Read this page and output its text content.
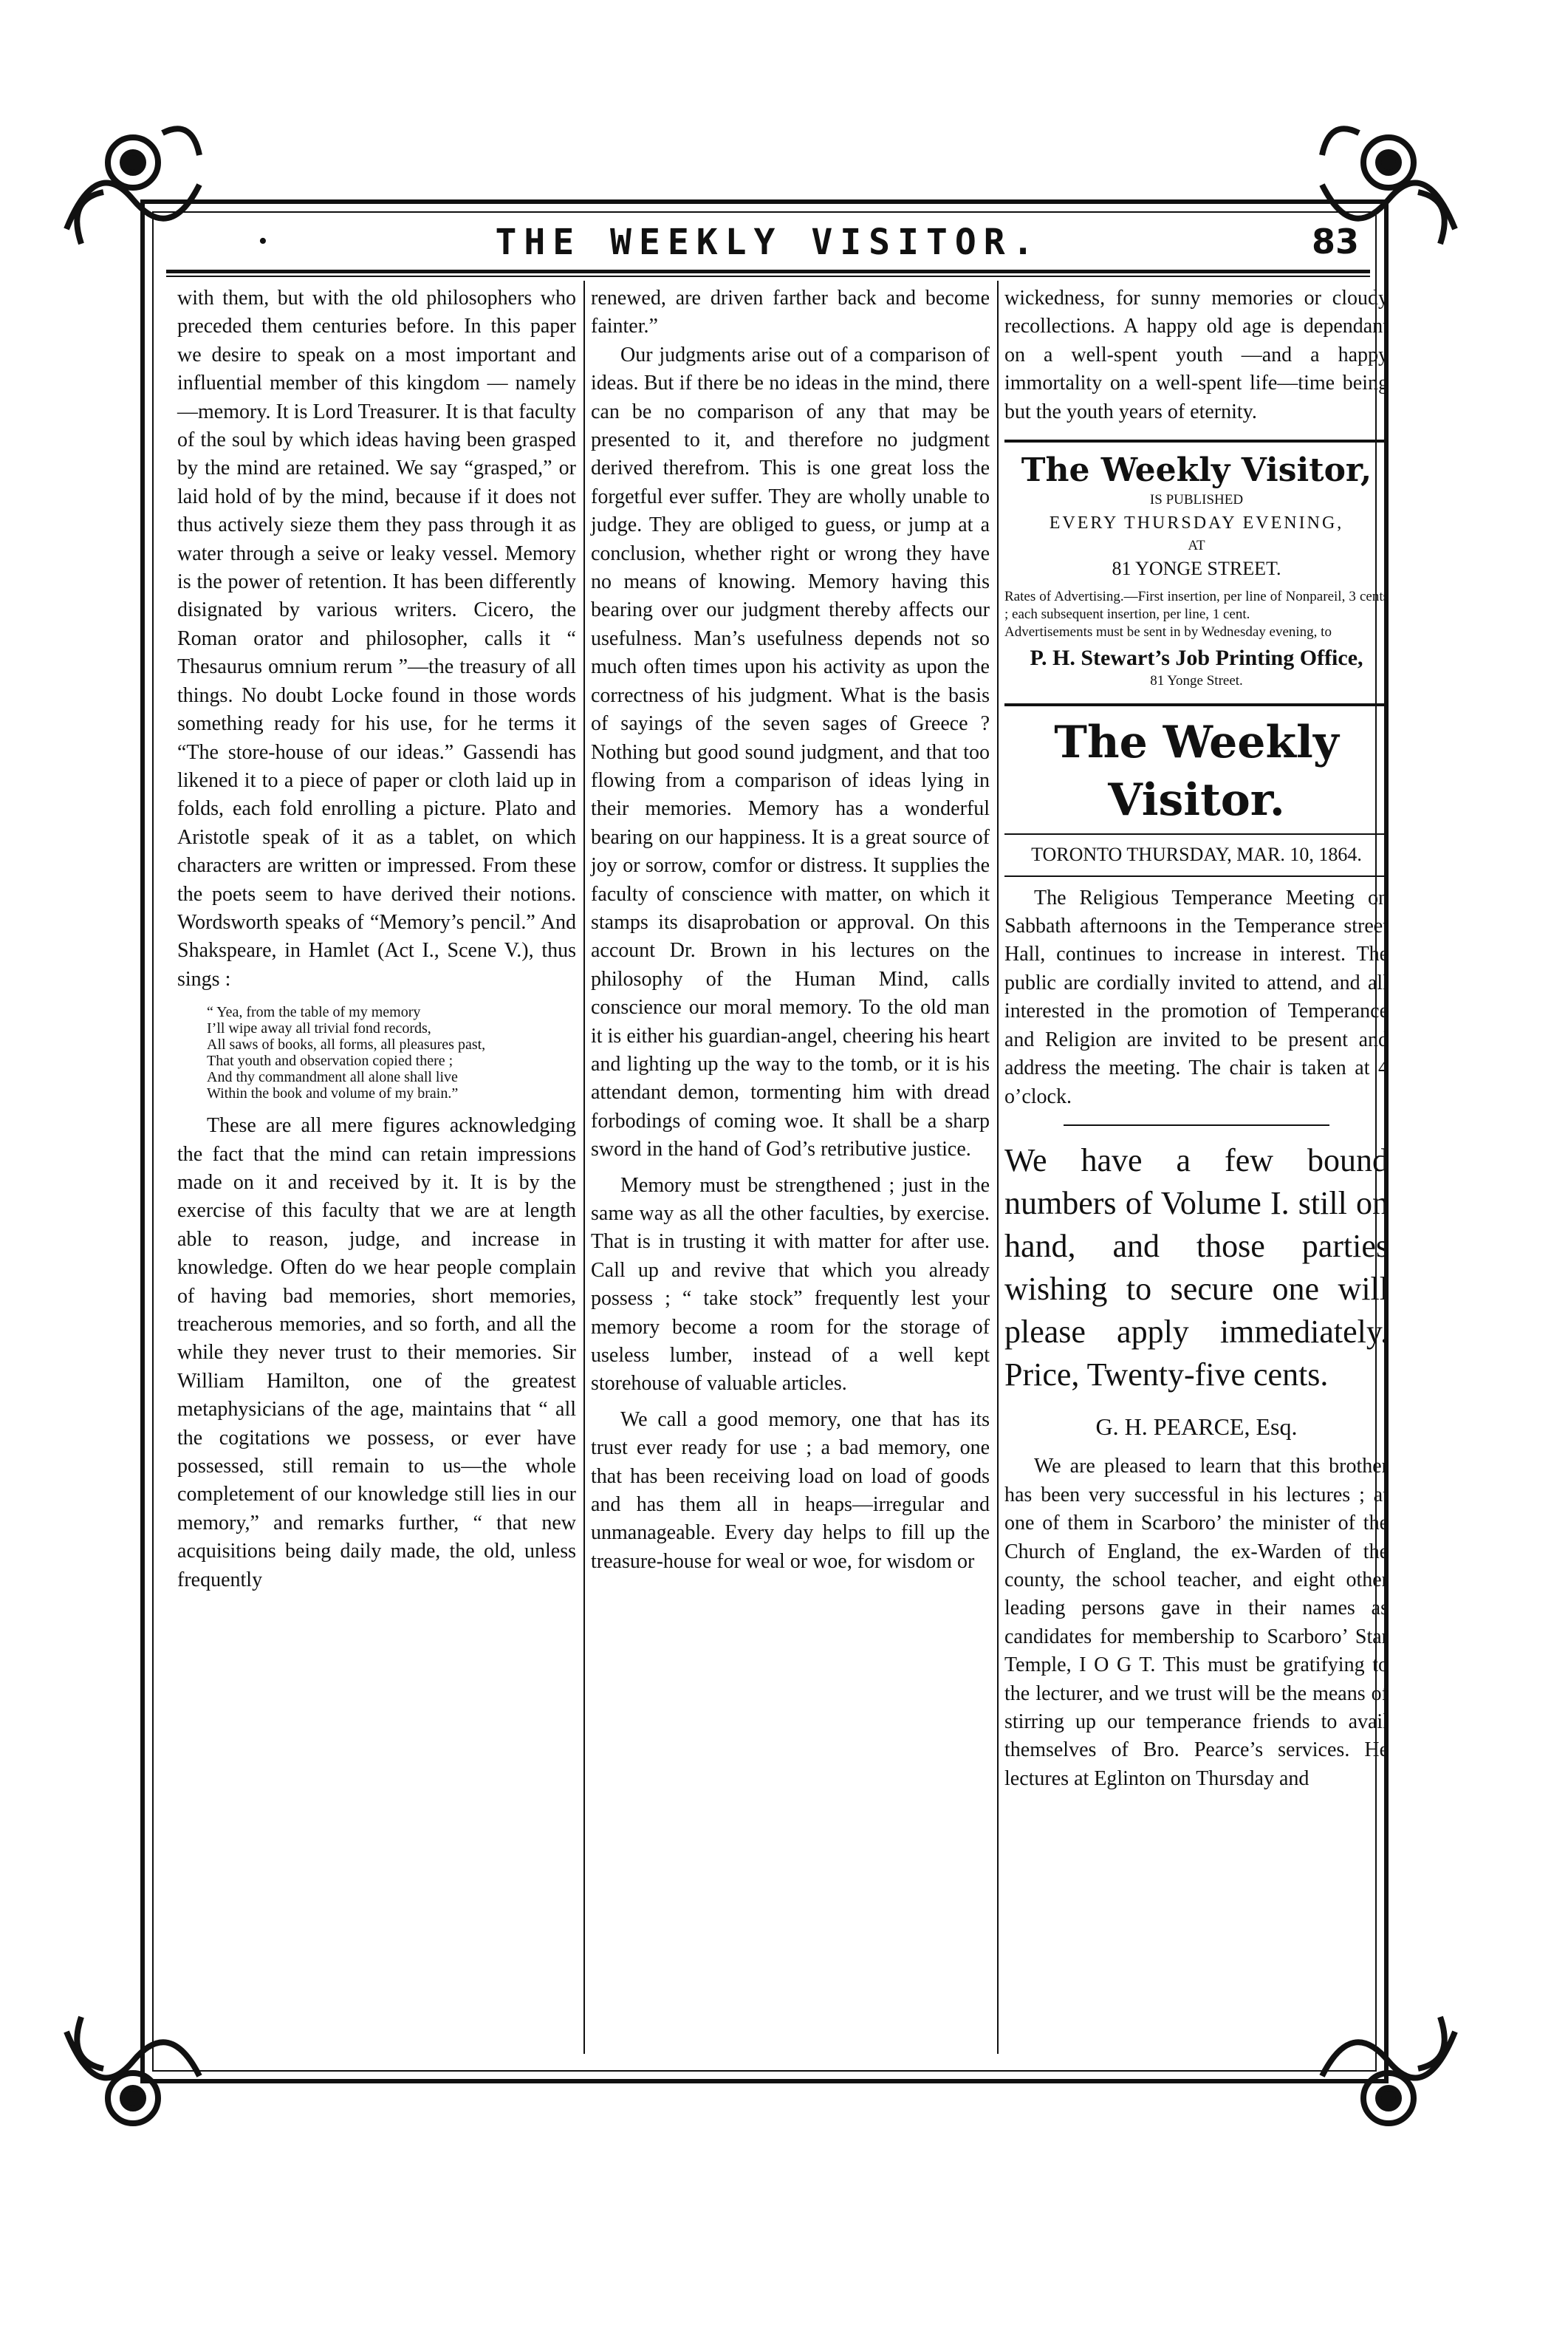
•	THE WEEKLY VISITOR.	83

with them, but with the old philosophers who preceded them centuries before. In this paper we desire to speak on a most important and influential member of this kingdom — namely—memory. It is Lord Treasurer. It is that faculty of the soul by which ideas having been grasped by the mind are retained. We say “grasped,” or laid hold of by the mind, because if it does not thus actively sieze them they pass through it as water through a seive or leaky vessel. Memory is the power of retention. It has been differently disignated by various writers. Cicero, the Roman orator and philosopher, calls it “ Thesaurus omnium rerum ”—the treasury of all things. No doubt Locke found in those words something ready for his use, for he terms it “The store-house of our ideas.” Gassendi has likened it to a piece of paper or cloth laid up in folds, each fold enrolling a picture. Plato and Aristotle speak of it as a tablet, on which characters are written or impressed. From these the poets seem to have derived their notions. Wordsworth speaks of “Memory’s pencil.” And Shakspeare, in Hamlet (Act I., Scene V.), thus sings :

“ Yea, from the table of my memory
I’ll wipe away all trivial fond records,
All saws of books, all forms, all pleasures past,
That youth and observation copied there ;
And thy commandment all alone shall live
Within the book and volume of my brain.”

These are all mere figures acknowledging the fact that the mind can retain impressions made on it and received by it. It is by the exercise of this faculty that we are at length able to reason, judge, and increase in knowledge. Often do we hear people complain of having bad memories, short memories, treacherous memories, and so forth, and all the while they never trust to their memories. Sir William Hamilton, one of the greatest metaphysicians of the age, maintains that “ all the cogitations we possess, or ever have possessed, still remain to us—the whole completement of our knowledge still lies in our memory,” and remarks further, “ that new acquisitions being daily made, the old, unless frequently

renewed, are driven farther back and become fainter.”

Our judgments arise out of a comparison of ideas. But if there be no ideas in the mind, there can be no comparison of any that may be presented to it, and therefore no judgment derived therefrom. This is one great loss the forgetful ever suffer. They are wholly unable to judge. They are obliged to guess, or jump at a conclusion, whether right or wrong they have no means of knowing. Memory having this bearing over our judgment thereby affects our usefulness. Man’s usefulness depends not so much often times upon his activity as upon the correctness of his judgment. What is the basis of sayings of the seven sages of Greece ? Nothing but good sound judgment, and that too flowing from a comparison of ideas lying in their memories. Memory has a wonderful bearing on our happiness. It is a great source of joy or sorrow, comfor or distress. It supplies the faculty of conscience with matter, on which it stamps its disaprobation or approval. On this account Dr. Brown in his lectures on the philosophy of the Human Mind, calls conscience our moral memory. To the old man it is either his guardian-angel, cheering his heart and lighting up the way to the tomb, or it is his attendant demon, tormenting him with dread forbodings of coming woe. It shall be a sharp sword in the hand of God’s retributive justice.

Memory must be strengthened ; just in the same way as all the other faculties, by exercise. That is in trusting it with matter for after use. Call up and revive that which you already possess ; “ take stock” frequently lest your memory become a room for the storage of useless lumber, instead of a well kept storehouse of valuable articles.

We call a good memory, one that has its trust ever ready for use ; a bad memory, one that has been receiving load on load of goods and has them all in heaps—irregular and unmanageable. Every day helps to fill up the treasure-house for weal or woe, for wisdom or

wickedness, for sunny memories or cloudy recollections. A happy old age is dependant on a well-spent youth —and a happy immortality on a well-spent life—time being but the youth years of eternity.

The Weekly Visitor,
IS PUBLISHED
EVERY THURSDAY EVENING,
AT
81 YONGE STREET.
Rates of Advertising.—First insertion, per line of Nonpareil, 3 cents ; each subsequent insertion, per line, 1 cent.
Advertisements must be sent in by Wednesday evening, to
P. H. Stewart’s Job Printing Office,
81 Yonge Street.
The Weekly Visitor.
TORONTO THURSDAY, MAR. 10, 1864.

The Religious Temperance Meeting on Sabbath afternoons in the Temperance street Hall, continues to increase in interest. The public are cordially invited to attend, and all interested in the promotion of Temperance and Religion are invited to be present and address the meeting. The chair is taken at 4 o’clock.

We have a few bound numbers of Volume I. still on hand, and those parties wishing to secure one will please apply immediately. Price, Twenty-five cents.
G. H. PEARCE, Esq.

We are pleased to learn that this brother has been very successful in his lectures ; at one of them in Scarboro’ the minister of the Church of England, the ex-Warden of the county, the school teacher, and eight other leading persons gave in their names as candidates for membership to Scarboro’ Star Temple, I O G T. This must be gratifying to the lecturer, and we trust will be the means of stirring up our temperance friends to avail themselves of Bro. Pearce’s services. He lectures at Eglinton on Thursday and
